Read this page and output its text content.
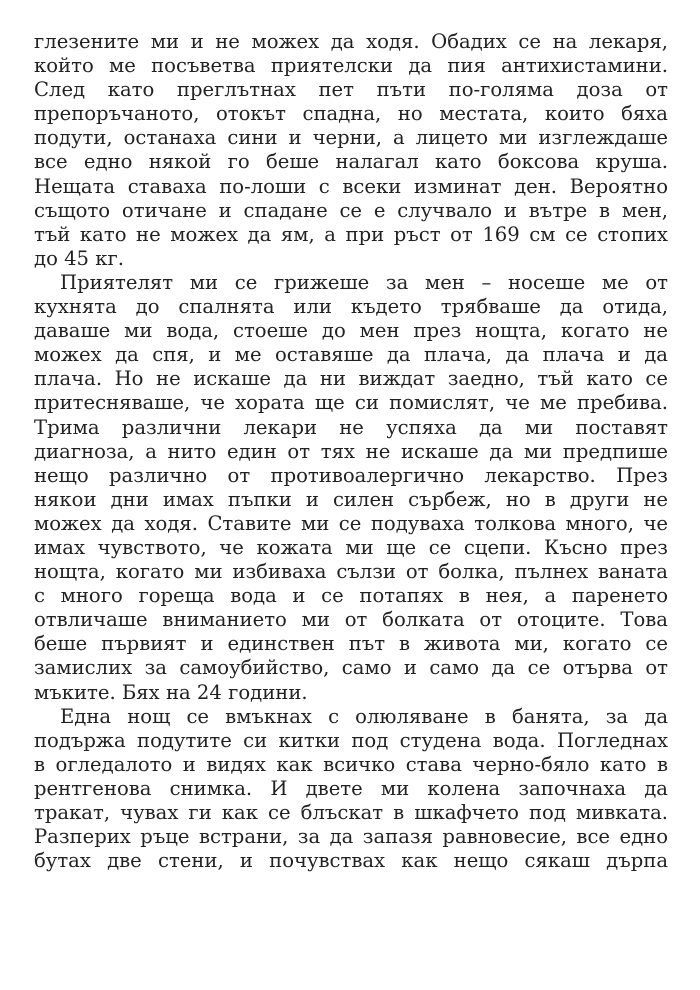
глезените ми и не можех да ходя. Обадих се на лекаря,
който ме посъветва приятелски да пия антихистамини.
След като преглътнах пет пъти по-голяма доза от
препоръчаното, отокът спадна, но местата, които бяха
подути, останаха сини и черни, а лицето ми изглеждаше
все едно някой го беше налагал като боксова круша.
Нещата ставаха по-лоши с всеки изминат ден. Вероятно
същото отичане и спадане се е случвало и вътре в мен,
тъй като не можех да ям, а при ръст от 169 см се стопих
до 45 кг.
Приятелят ми се грижеше за мен – носеше ме от
кухнята до спалнята или където трябваше да отида,
даваше ми вода, стоеше до мен през нощта, когато не
можех да спя, и ме оставяше да плача, да плача и да
плача. Но не искаше да ни виждат заедно, тъй като се
притесняваше, че хората ще си помислят, че ме пребива.
Трима различни лекари не успяха да ми поставят
диагноза, а нито един от тях не искаше да ми предпише
нещо различно от противоалергично лекарство. През
някои дни имах пъпки и силен сърбеж, но в други не
можех да ходя. Ставите ми се подуваха толкова много, че
имах чувството, че кожата ми ще се сцепи. Късно през
нощта, когато ми избиваха сълзи от болка, пълнех ваната
с много гореща вода и се потапях в нея, а паренето
отвличаше вниманието ми от болката от отоците. Това
беше първият и единствен път в живота ми, когато се
замислих за самоубийство, само и само да се отърва от
мъките. Бях на 24 години.
Една нощ се вмъкнах с олюляване в банята, за да
подържа подутите си китки под студена вода. Погледнах
в огледалото и видях как всичко става черно-бяло като в
рентгенова снимка. И двете ми колена започнаха да
тракат, чувах ги как се блъскат в шкафчето под мивката.
Разперих ръце встрани, за да запазя равновесие, все едно
бутах две стени, и почувствах как нещо сякаш дърпа
